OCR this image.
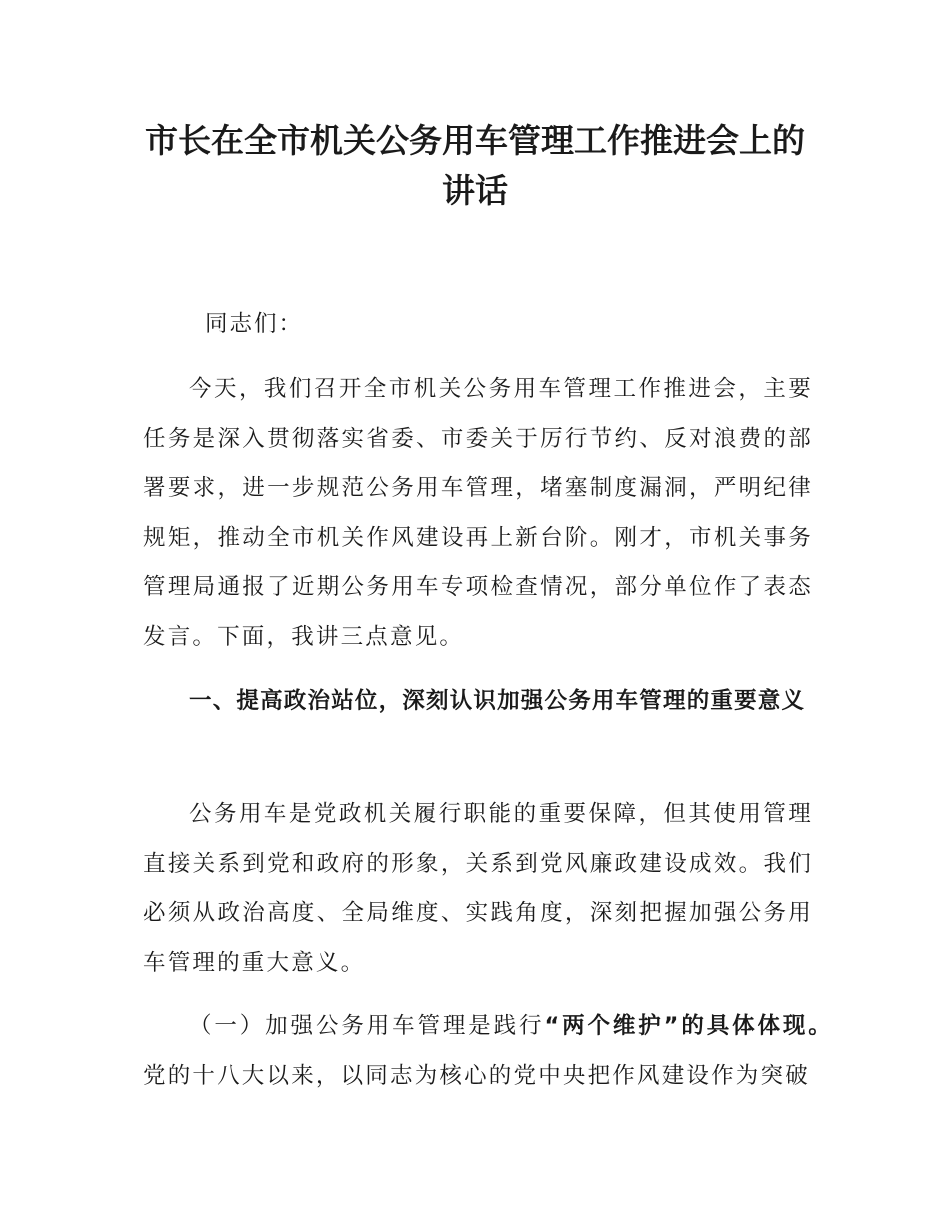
市长在全市机关公务用车管理工作推进会上的讲话

同志们：

今天，我们召开全市机关公务用车管理工作推进会，主要任务是深入贯彻落实省委、市委关于厉行节约、反对浪费的部署要求，进一步规范公务用车管理，堵塞制度漏洞，严明纪律规矩，推动全市机关作风建设再上新台阶。刚才，市机关事务管理局通报了近期公务用车专项检查情况，部分单位作了表态发言。下面，我讲三点意见。

一、提高政治站位，深刻认识加强公务用车管理的重要意义

公务用车是党政机关履行职能的重要保障，但其使用管理直接关系到党和政府的形象，关系到党风廉政建设成效。我们必须从政治高度、全局维度、实践角度，深刻把握加强公务用车管理的重大意义。

（一）加强公务用车管理是践行“两个维护”的具体体现。党的十八大以来，以同志为核心的党中央把作风建设作为突破
